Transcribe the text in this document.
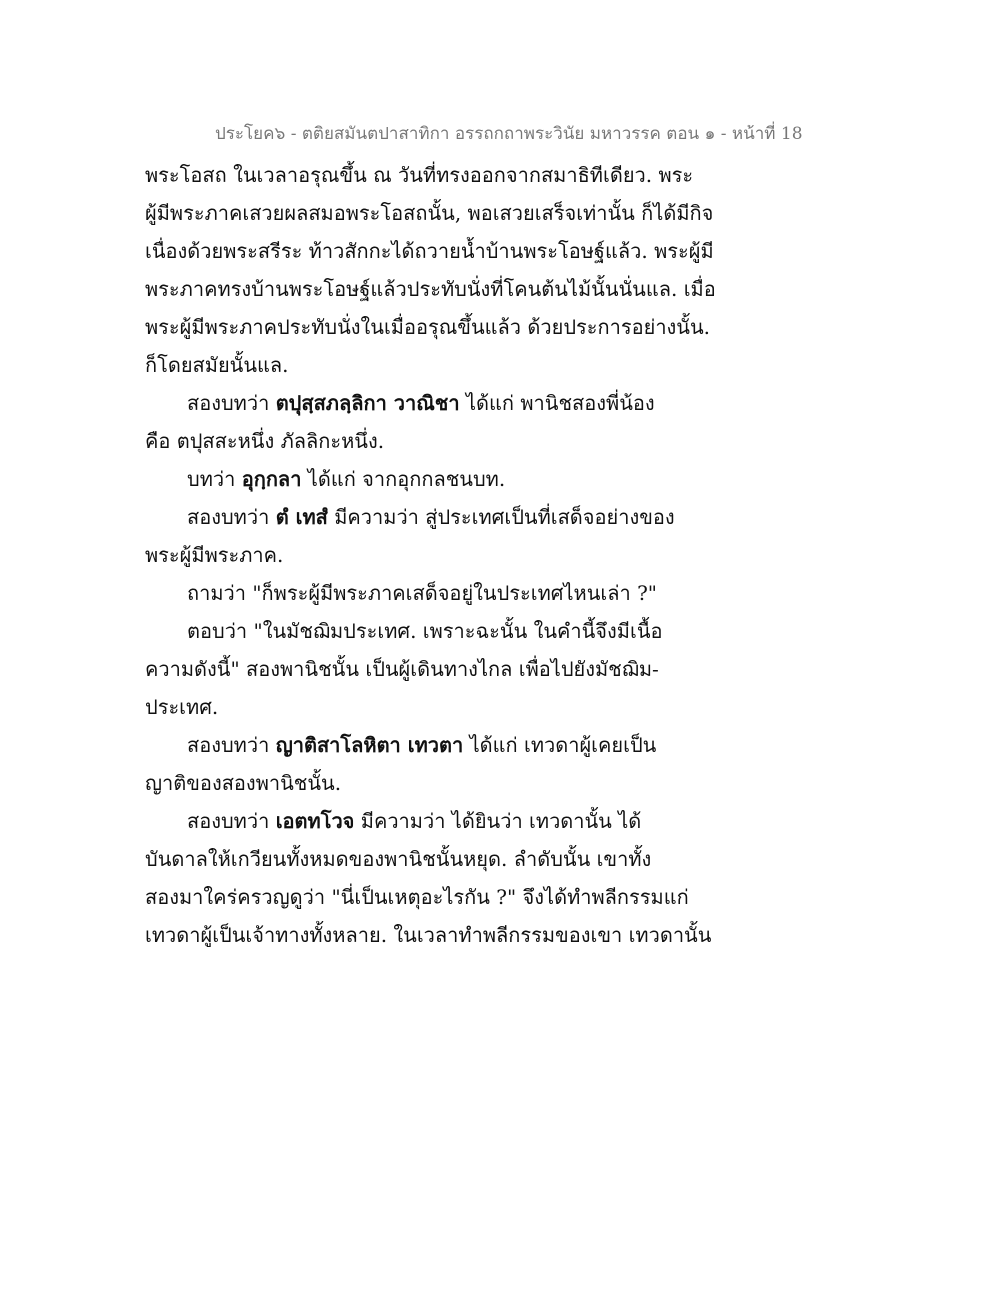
ประโยค๖ - ตติยสมันตปาสาทิกา อรรถกถาพระวินัย มหาวรรค ตอน ๑ - หน้าที่ 18
พระโอสถ ในเวลาอรุณขึ้น ณ วันที่ทรงออกจากสมาธิทีเดียว. พระ
ผู้มีพระภาคเสวยผลสมอพระโอสถนั้น, พอเสวยเสร็จเท่านั้น ก็ได้มีกิจ
เนื่องด้วยพระสรีระ ท้าวสักกะได้ถวายน้ำบ้านพระโอษฐ์แล้ว. พระผู้มี
พระภาคทรงบ้านพระโอษฐ์แล้วประทับนั่งที่โคนต้นไม้นั้นนั่นแล. เมื่อ
พระผู้มีพระภาคประทับนั่งในเมื่ออรุณขึ้นแล้ว ด้วยประการอย่างนั้น.
ก็โดยสมัยนั้นแล.
สองบทว่า ตปุสฺสภลฺลิกา วาณิชา ได้แก่ พานิชสองพี่น้อง
คือ ตปุสสะหนึ่ง ภัลลิกะหนึ่ง.
บทว่า อุกฺกลา ได้แก่ จากอุกกลชนบท.
สองบทว่า ตํ เทสํ มีความว่า สู่ประเทศเป็นที่เสด็จอย่างของ
พระผู้มีพระภาค.
ถามว่า "ก็พระผู้มีพระภาคเสด็จอยู่ในประเทศไหนเล่า ?"
ตอบว่า "ในมัชฌิมประเทศ. เพราะฉะนั้น ในคำนี้จึงมีเนื้อ
ความดังนี้" สองพานิชนั้น เป็นผู้เดินทางไกล เพื่อไปยังมัชฌิม-
ประเทศ.
สองบทว่า ญาติสาโลหิตา เทวตา ได้แก่ เทวดาผู้เคยเป็น
ญาติของสองพานิชนั้น.
สองบทว่า เอตทโวจ มีความว่า ได้ยินว่า เทวดานั้น ได้
บันดาลให้เกวียนทั้งหมดของพานิชนั้นหยุด. ลำดับนั้น เขาทั้ง
สองมาใคร่ครวญดูว่า "นี่เป็นเหตุอะไรกัน ?" จึงได้ทำพลีกรรมแก่
เทวดาผู้เป็นเจ้าทางทั้งหลาย. ในเวลาทำพลีกรรมของเขา เทวดานั้น
